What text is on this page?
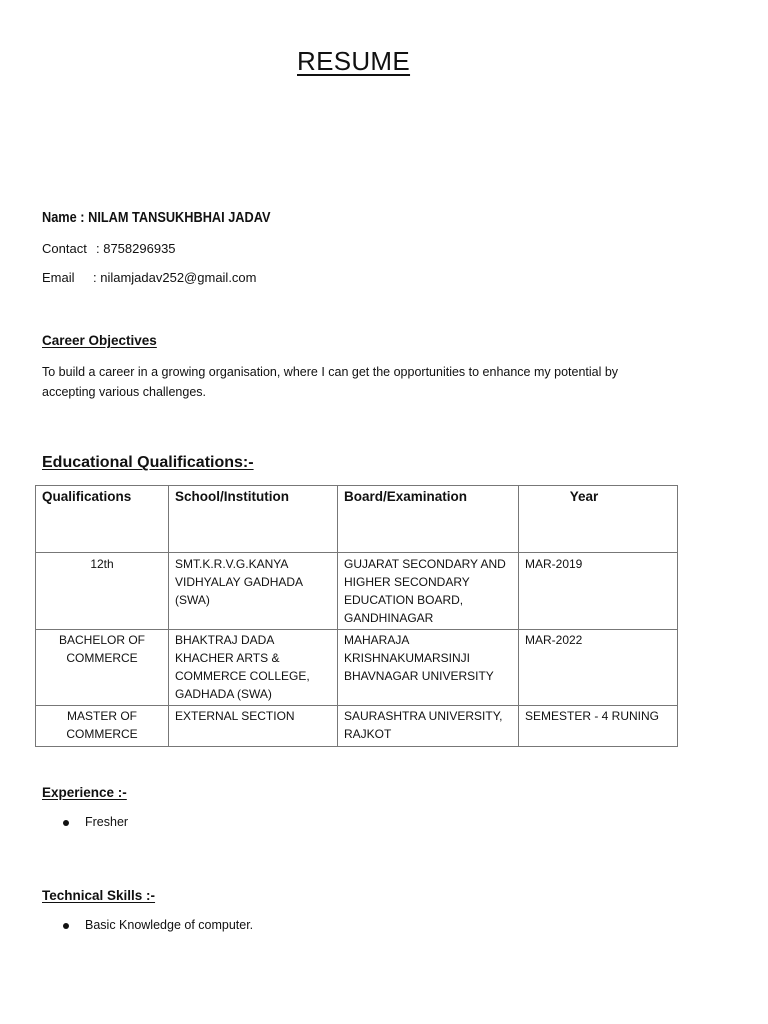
RESUME
Name : NILAM TANSUKHBHAI JADAV
Contact : 8758296935
Email : nilamjadav252@gmail.com
Career Objectives
To build a career in a growing organisation, where I can get the opportunities to enhance my potential by accepting various challenges.
Educational Qualifications:-
Qualifications	School/Institution	Board/Examination	Year
12th	SMT.K.R.V.G.KANYA VIDHYALAY GADHADA (SWA)	GUJARAT SECONDARY AND HIGHER SECONDARY EDUCATION BOARD, GANDHINAGAR	MAR-2019
BACHELOR OF COMMERCE	BHAKTRAJ DADA KHACHER ARTS & COMMERCE COLLEGE, GADHADA (SWA)	MAHARAJA KRISHNAKUMARSINJI BHAVNAGAR UNIVERSITY	MAR-2022
MASTER OF COMMERCE	EXTERNAL SECTION	SAURASHTRA UNIVERSITY, RAJKOT	SEMESTER - 4 RUNING
Experience :-
Fresher
Technical Skills :-
Basic Knowledge of computer.
